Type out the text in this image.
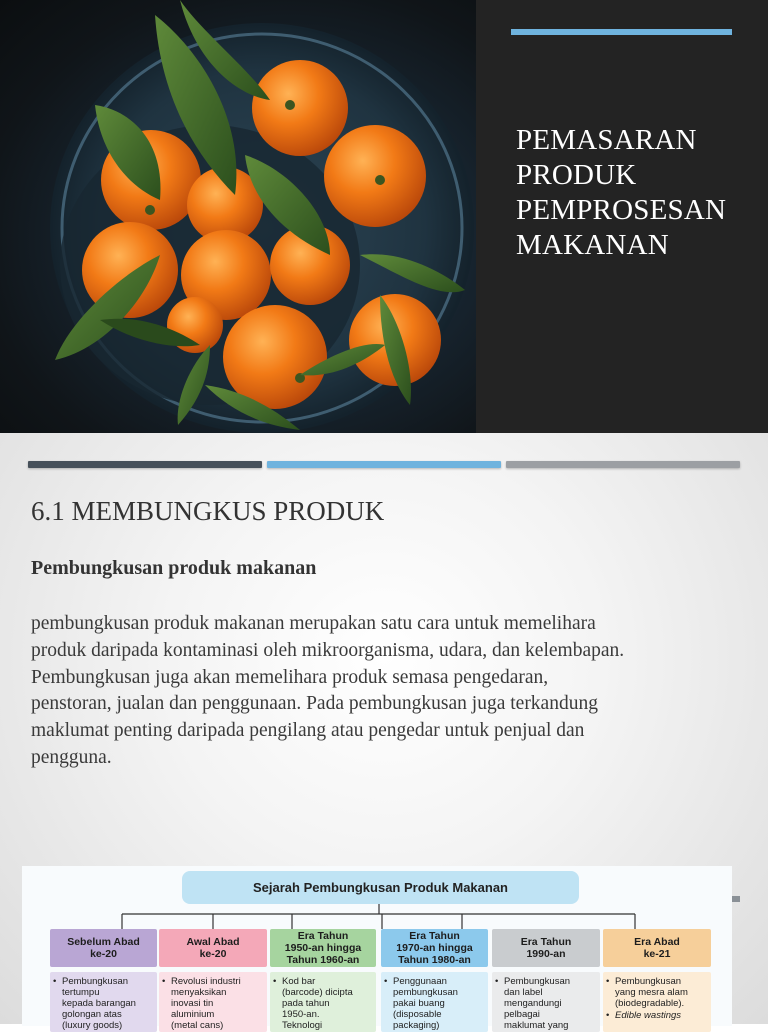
PEMASARAN
PRODUK
PEMPROSESAN
MAKANAN
6.1 MEMBUNGKUS PRODUK
Pembungkusan produk makanan
pembungkusan produk makanan merupakan satu cara untuk memelihara
produk daripada kontaminasi oleh mikroorganisma, udara, dan kelembapan.
Pembungkusan juga akan memelihara produk semasa pengedaran,
penstoran, jualan dan penggunaan. Pada pembungkusan juga terkandung
maklumat penting daripada pengilang atau pengedar untuk penjual dan
pengguna.
Sejarah Pembungkusan Produk Makanan
Sebelum Abad
ke-20
Awal Abad
ke-20
Era Tahun
1950-an hingga
Tahun 1960-an
Era Tahun
1970-an hingga
Tahun 1980-an
Era Tahun
1990-an
Era Abad
ke-21
• Pembungkusan
tertumpu
kepada barangan
golongan atas
(luxury goods)
• Revolusi industri
menyaksikan
inovasi tin
aluminium
(metal cans)
• Kod bar
(barcode) dicipta
pada tahun
1950-an.
Teknologi
• Penggunaan
pembungkusan
pakai buang
(disposable
packaging)
• Pembungkusan
dan label
mengandungi
pelbagai
maklumat yang
• Pembungkusan
yang mesra alam
(biodegradable).
• Edible wastings
